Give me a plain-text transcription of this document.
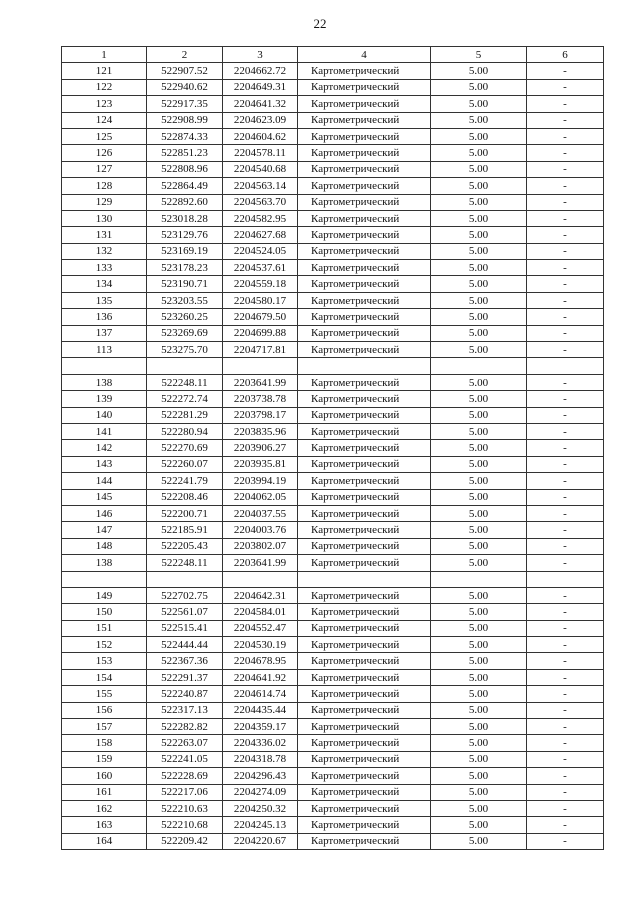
22
1	2	3	4	5	6
121	522907.52	2204662.72	Картометрический	5.00	-
122	522940.62	2204649.31	Картометрический	5.00	-
123	522917.35	2204641.32	Картометрический	5.00	-
124	522908.99	2204623.09	Картометрический	5.00	-
125	522874.33	2204604.62	Картометрический	5.00	-
126	522851.23	2204578.11	Картометрический	5.00	-
127	522808.96	2204540.68	Картометрический	5.00	-
128	522864.49	2204563.14	Картометрический	5.00	-
129	522892.60	2204563.70	Картометрический	5.00	-
130	523018.28	2204582.95	Картометрический	5.00	-
131	523129.76	2204627.68	Картометрический	5.00	-
132	523169.19	2204524.05	Картометрический	5.00	-
133	523178.23	2204537.61	Картометрический	5.00	-
134	523190.71	2204559.18	Картометрический	5.00	-
135	523203.55	2204580.17	Картометрический	5.00	-
136	523260.25	2204679.50	Картометрический	5.00	-
137	523269.69	2204699.88	Картометрический	5.00	-
113	523275.70	2204717.81	Картометрический	5.00	-

138	522248.11	2203641.99	Картометрический	5.00	-
139	522272.74	2203738.78	Картометрический	5.00	-
140	522281.29	2203798.17	Картометрический	5.00	-
141	522280.94	2203835.96	Картометрический	5.00	-
142	522270.69	2203906.27	Картометрический	5.00	-
143	522260.07	2203935.81	Картометрический	5.00	-
144	522241.79	2203994.19	Картометрический	5.00	-
145	522208.46	2204062.05	Картометрический	5.00	-
146	522200.71	2204037.55	Картометрический	5.00	-
147	522185.91	2204003.76	Картометрический	5.00	-
148	522205.43	2203802.07	Картометрический	5.00	-
138	522248.11	2203641.99	Картометрический	5.00	-

149	522702.75	2204642.31	Картометрический	5.00	-
150	522561.07	2204584.01	Картометрический	5.00	-
151	522515.41	2204552.47	Картометрический	5.00	-
152	522444.44	2204530.19	Картометрический	5.00	-
153	522367.36	2204678.95	Картометрический	5.00	-
154	522291.37	2204641.92	Картометрический	5.00	-
155	522240.87	2204614.74	Картометрический	5.00	-
156	522317.13	2204435.44	Картометрический	5.00	-
157	522282.82	2204359.17	Картометрический	5.00	-
158	522263.07	2204336.02	Картометрический	5.00	-
159	522241.05	2204318.78	Картометрический	5.00	-
160	522228.69	2204296.43	Картометрический	5.00	-
161	522217.06	2204274.09	Картометрический	5.00	-
162	522210.63	2204250.32	Картометрический	5.00	-
163	522210.68	2204245.13	Картометрический	5.00	-
164	522209.42	2204220.67	Картометрический	5.00	-
